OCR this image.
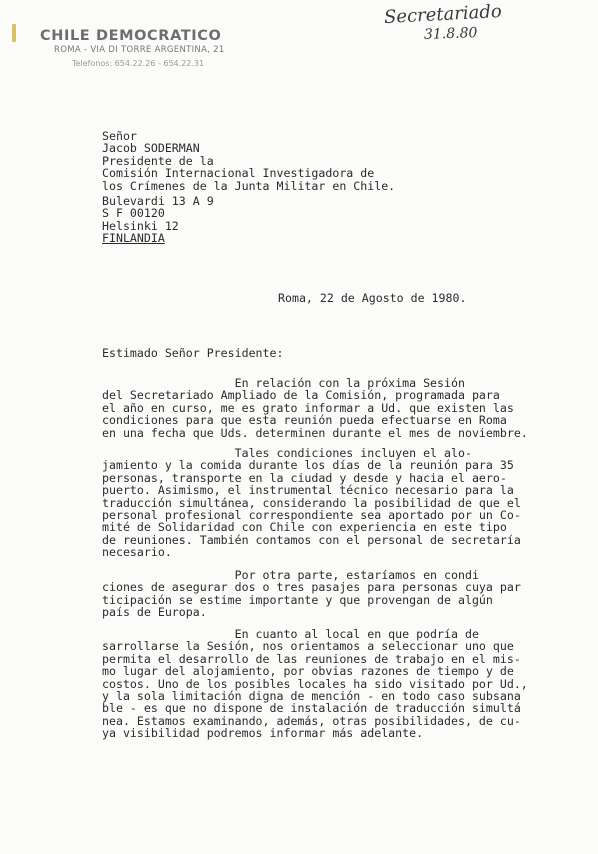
CHILE DEMOCRATICO

ROMA - VIA DI TORRE ARGENTINA, 21

Telefonos: 654.22.26 - 654.22.31

Secretariado
31.8.80

Señor

Jacob SODERMAN

Presidente de la

Comisión Internacional Investigadora de

los Crímenes de la Junta Militar en Chile.

Bulevardi 13 A 9

S F 00120

Helsinki 12

FINLANDIA

Roma, 22 de Agosto de 1980.

Estimado Señor Presidente:

En relación con la próxima Sesión

del Secretariado Ampliado de la Comisión, programada para

el año en curso, me es grato informar a Ud. que existen las

condiciones para que esta reunión pueda efectuarse en Roma

en una fecha que Uds. determinen durante el mes de noviembre.

Tales condiciones incluyen el alo-

jamiento y la comida durante los días de la reunión para 35

personas, transporte en la ciudad y desde y hacia el aero-

puerto. Asimismo, el instrumental técnico necesario para la

traducción simultánea, considerando la posibilidad de que el

personal profesional correspondiente sea aportado por un Co-

mité de Solidaridad con Chile con experiencia en este tipo

de reuniones. También contamos con el personal de secretaría

necesario.

Por otra parte, estaríamos en condi

ciones de asegurar dos o tres pasajes para personas cuya par

ticipación se estime importante y que provengan de algún

país de Europa.

En cuanto al local en que podría de

sarrollarse la Sesión, nos orientamos a seleccionar uno que

permita el desarrollo de las reuniones de trabajo en el mis-

mo lugar del alojamiento, por obvias razones de tiempo y de

costos. Uno de los posibles locales ha sido visitado por Ud.,

y la sola limitación digna de mención - en todo caso subsana

ble - es que no dispone de instalación de traducción simultá

nea. Estamos examinando, además, otras posibilidades, de cu-

ya visibilidad podremos informar más adelante.
